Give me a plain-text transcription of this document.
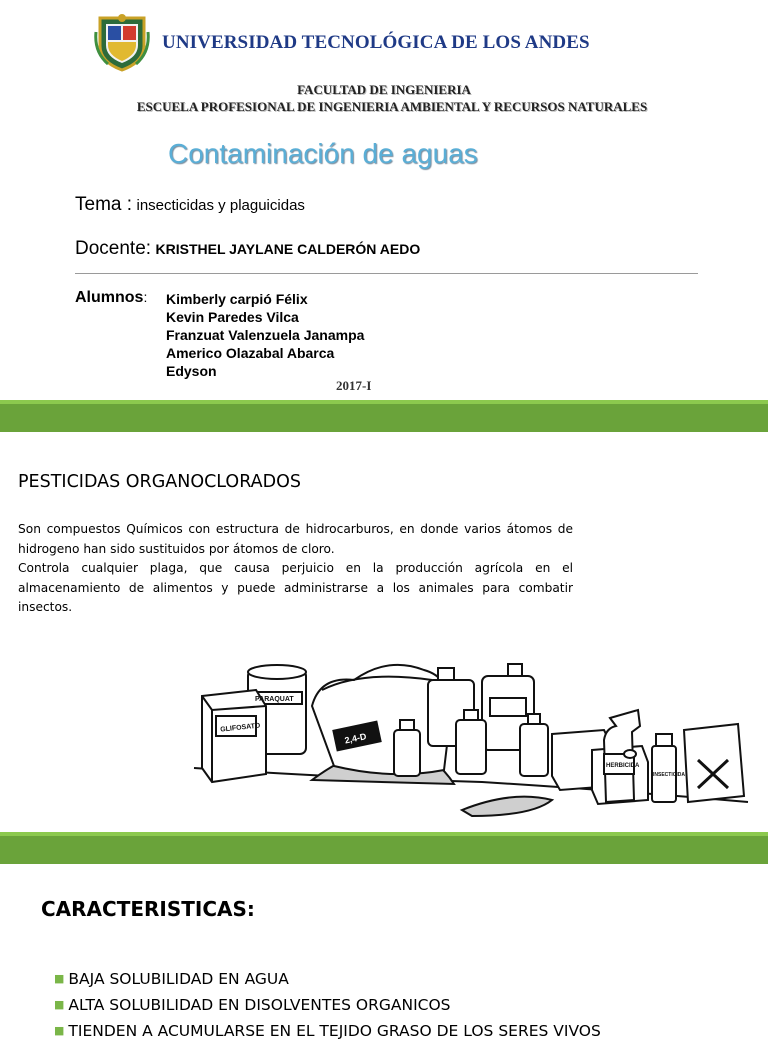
UNIVERSIDAD TECNOLÓGICA DE LOS ANDES
FACULTAD DE INGENIERIA
ESCUELA PROFESIONAL DE INGENIERIA AMBIENTAL Y RECURSOS NATURALES
Contaminación de aguas
Tema : insecticidas y plaguicidas
Docente: KRISTHEL JAYLANE CALDERÓN AEDO
Alumnos: Kimberly carpió Félix
Kevin Paredes Vilca
Franzuat Valenzuela Janampa
Americo Olazabal Abarca
Edyson
2017-I
PESTICIDAS ORGANOCLORADOS

Son compuestos Químicos con estructura de hidrocarburos, en donde varios átomos de hidrogeno han sido sustituidos por átomos de cloro.

Controla cualquier plaga, que causa perjuicio en la producción agrícola en el almacenamiento de alimentos y puede administrarse a los animales para combatir insectos.

GLIFOSATO
PARAQUAT
2,4-D
HERBICIDA
INSECTICIDA
CARACTERISTICAS:
■ BAJA SOLUBILIDAD EN AGUA
■ ALTA SOLUBILIDAD EN DISOLVENTES ORGANICOS
■ TIENDEN A ACUMULARSE EN EL TEJIDO GRASO DE LOS SERES VIVOS
